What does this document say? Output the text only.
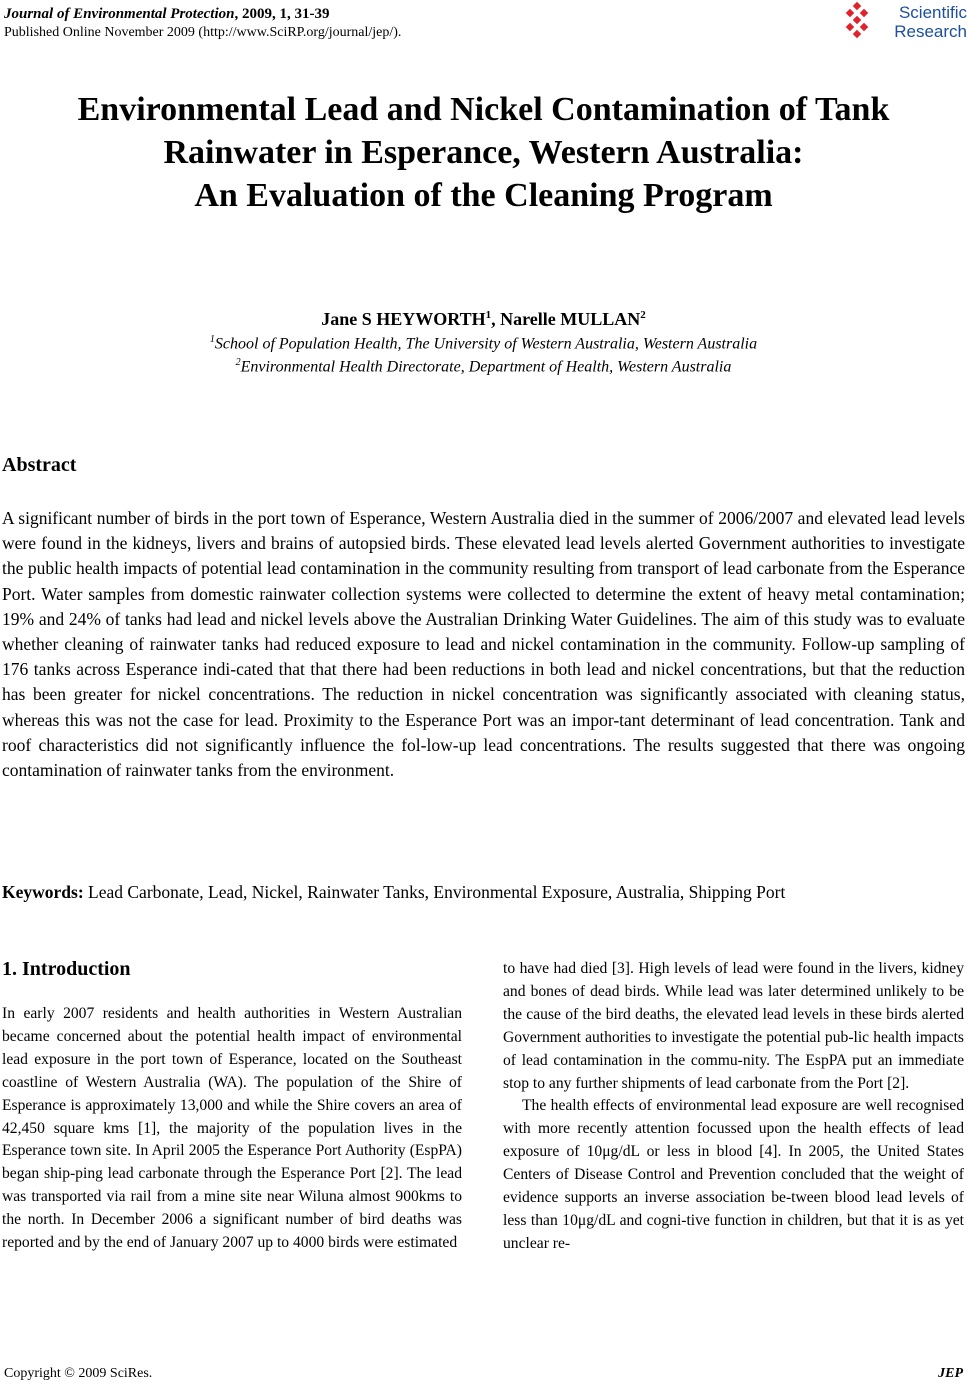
Journal of Environmental Protection, 2009, 1, 31-39
Published Online November 2009 (http://www.SciRP.org/journal/jep/).
Scientific
Research
Environmental Lead and Nickel Contamination of Tank
Rainwater in Esperance, Western Australia:
An Evaluation of the Cleaning Program
Jane S HEYWORTH$^1$, Narelle MULLAN$^2$
$^1$School of Population Health, The University of Western Australia, Western Australia
$^2$Environmental Health Directorate, Department of Health, Western Australia
Abstract

A significant number of birds in the port town of Esperance, Western Australia died in the summer of 2006/2007 and elevated lead levels were found in the kidneys, livers and brains of autopsied birds. These elevated lead levels alerted Government authorities to investigate the public health impacts of potential lead contamination in the community resulting from transport of lead carbonate from the Esperance Port. Water samples from domestic rainwater collection systems were collected to determine the extent of heavy metal contamination; 19% and 24% of tanks had lead and nickel levels above the Australian Drinking Water Guidelines. The aim of this study was to evaluate whether cleaning of rainwater tanks had reduced exposure to lead and nickel contamination in the community. Follow-up sampling of 176 tanks across Esperance indi-cated that that there had been reductions in both lead and nickel concentrations, but that the reduction has been greater for nickel concentrations. The reduction in nickel concentration was significantly associated with cleaning status, whereas this was not the case for lead. Proximity to the Esperance Port was an impor-tant determinant of lead concentration. Tank and roof characteristics did not significantly influence the fol-low-up lead concentrations. The results suggested that there was ongoing contamination of rainwater tanks from the environment.

Keywords: Lead Carbonate, Lead, Nickel, Rainwater Tanks, Environmental Exposure, Australia, Shipping Port
1. Introduction

In early 2007 residents and health authorities in Western Australian became concerned about the potential health impact of environmental lead exposure in the port town of Esperance, located on the Southeast coastline of Western Australia (WA). The population of the Shire of Esperance is approximately 13,000 and while the Shire covers an area of 42,450 square kms [1], the majority of the population lives in the Esperance town site. In April 2005 the Esperance Port Authority (EspPA) began ship-ping lead carbonate through the Esperance Port [2]. The lead was transported via rail from a mine site near Wiluna almost 900kms to the north. In December 2006 a significant number of bird deaths was reported and by the end of January 2007 up to 4000 birds were estimated

to have had died [3]. High levels of lead were found in the livers, kidney and bones of dead birds. While lead was later determined unlikely to be the cause of the bird deaths, the elevated lead levels in these birds alerted Government authorities to investigate the potential pub-lic health impacts of lead contamination in the commu-nity. The EspPA put an immediate stop to any further shipments of lead carbonate from the Port [2].

The health effects of environmental lead exposure are well recognised with more recently attention focussed upon the health effects of lead exposure of 10μg/dL or less in blood [4]. In 2005, the United States Centers of Disease Control and Prevention concluded that the weight of evidence supports an inverse association be-tween blood lead levels of less than 10μg/dL and cogni-tive function in children, but that it is as yet unclear re-

Copyright © 2009 SciRes.	JEP
